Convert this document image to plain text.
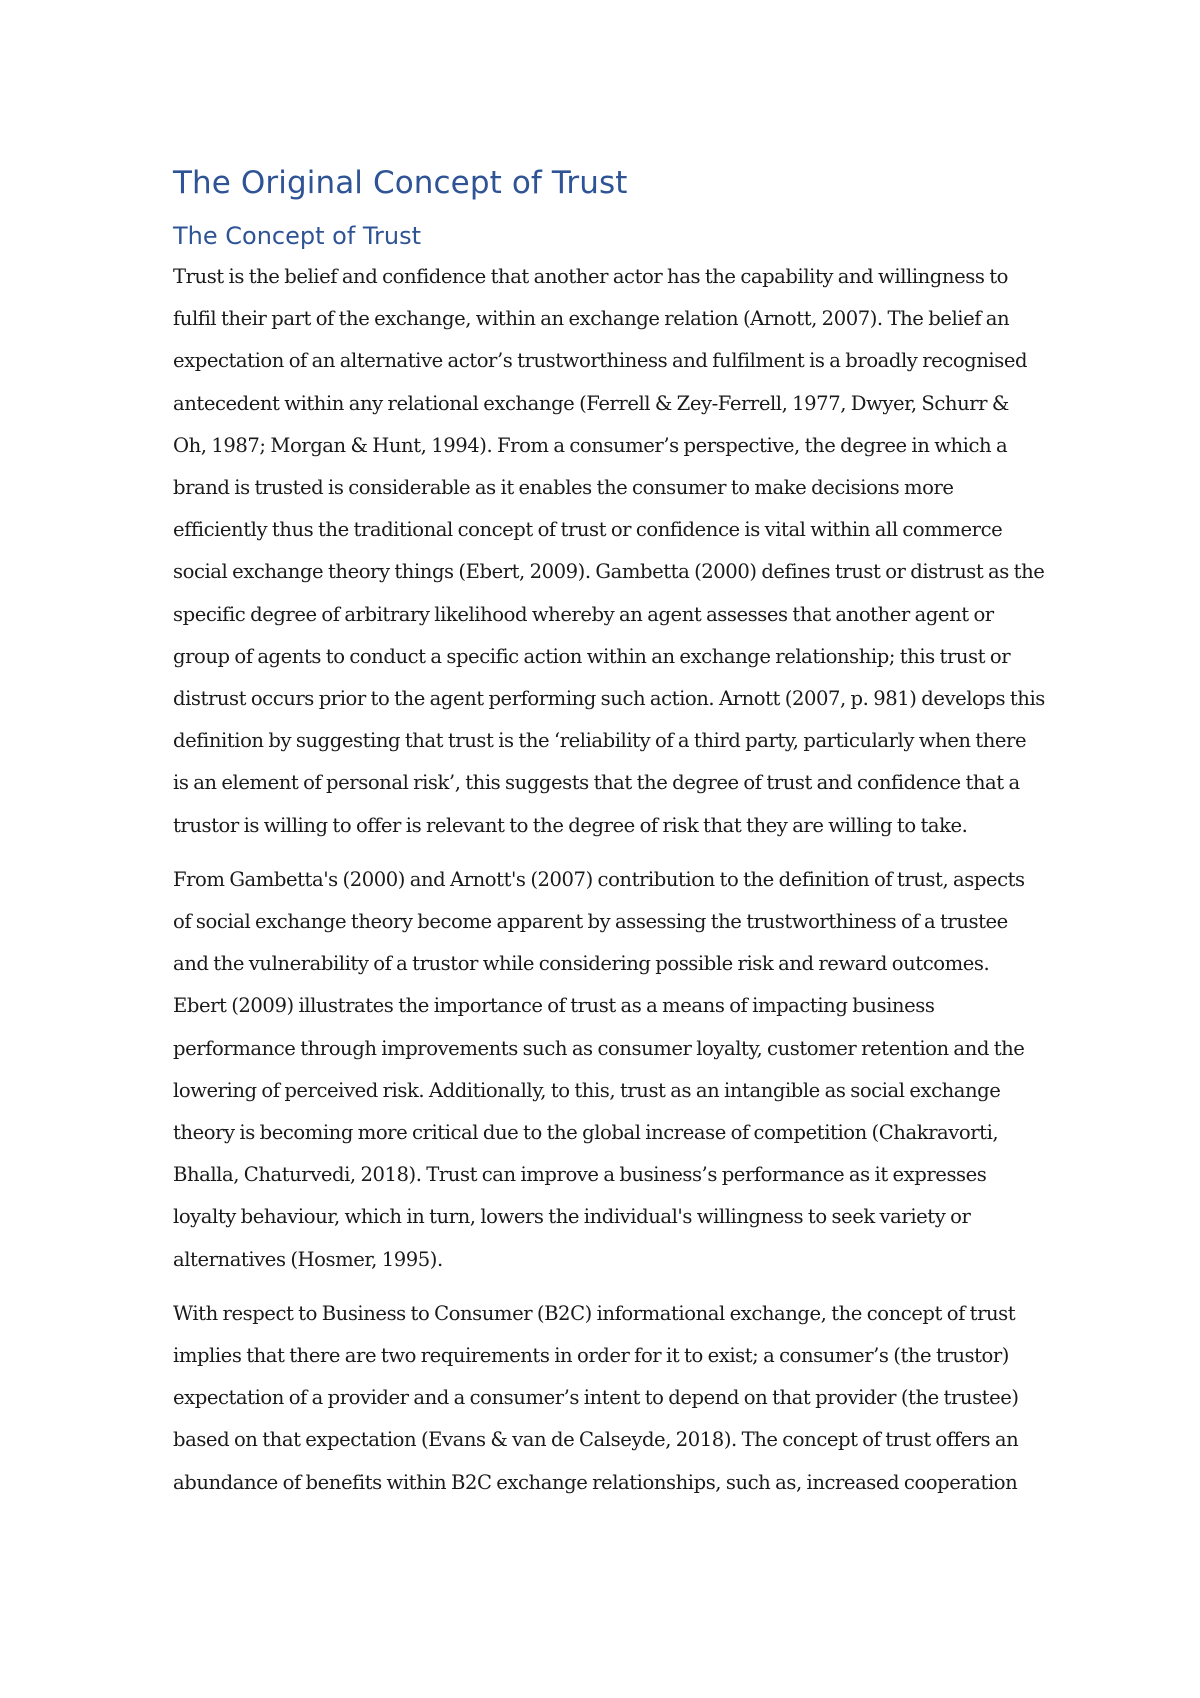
The Original Concept of Trust
The Concept of Trust

Trust is the belief and confidence that another actor has the capability and willingness to fulfil their part of the exchange, within an exchange relation (Arnott, 2007). The belief an expectation of an alternative actor’s trustworthiness and fulfilment is a broadly recognised antecedent within any relational exchange (Ferrell & Zey-Ferrell, 1977, Dwyer, Schurr & Oh, 1987; Morgan & Hunt, 1994). From a consumer’s perspective, the degree in which a brand is trusted is considerable as it enables the consumer to make decisions more efficiently thus the traditional concept of trust or confidence is vital within all commerce social exchange theory things (Ebert, 2009). Gambetta (2000) defines trust or distrust as the specific degree of arbitrary likelihood whereby an agent assesses that another agent or group of agents to conduct a specific action within an exchange relationship; this trust or distrust occurs prior to the agent performing such action. Arnott (2007, p. 981) develops this definition by suggesting that trust is the ‘reliability of a third party, particularly when there is an element of personal risk’, this suggests that the degree of trust and confidence that a trustor is willing to offer is relevant to the degree of risk that they are willing to take.

From Gambetta's (2000) and Arnott's (2007) contribution to the definition of trust, aspects of social exchange theory become apparent by assessing the trustworthiness of a trustee and the vulnerability of a trustor while considering possible risk and reward outcomes. Ebert (2009) illustrates the importance of trust as a means of impacting business performance through improvements such as consumer loyalty, customer retention and the lowering of perceived risk. Additionally, to this, trust as an intangible as social exchange theory is becoming more critical due to the global increase of competition (Chakravorti, Bhalla, Chaturvedi, 2018). Trust can improve a business’s performance as it expresses loyalty behaviour, which in turn, lowers the individual's willingness to seek variety or alternatives (Hosmer, 1995).

With respect to Business to Consumer (B2C) informational exchange, the concept of trust implies that there are two requirements in order for it to exist; a consumer’s (the trustor) expectation of a provider and a consumer’s intent to depend on that provider (the trustee) based on that expectation (Evans & van de Calseyde, 2018). The concept of trust offers an abundance of benefits within B2C exchange relationships, such as, increased cooperation
